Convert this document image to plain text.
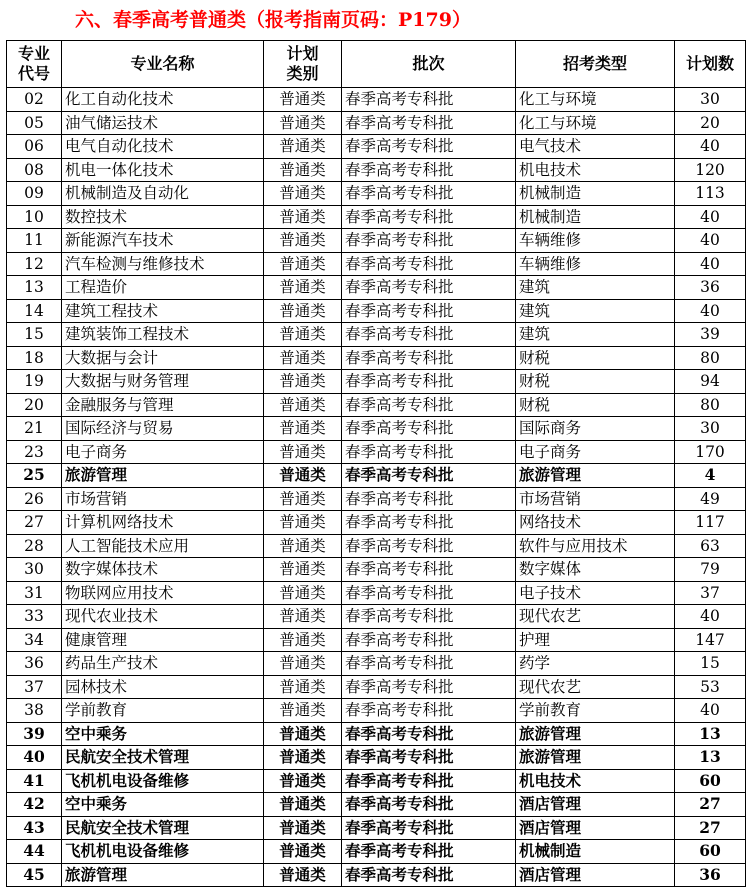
六、春季高考普通类（报考指南页码：P179）
专业代号	专业名称	计划类别	批次	招考类型	计划数
02	化工自动化技术	普通类	春季高考专科批	化工与环境	30
05	油气储运技术	普通类	春季高考专科批	化工与环境	20
06	电气自动化技术	普通类	春季高考专科批	电气技术	40
08	机电一体化技术	普通类	春季高考专科批	机电技术	120
09	机械制造及自动化	普通类	春季高考专科批	机械制造	113
10	数控技术	普通类	春季高考专科批	机械制造	40
11	新能源汽车技术	普通类	春季高考专科批	车辆维修	40
12	汽车检测与维修技术	普通类	春季高考专科批	车辆维修	40
13	工程造价	普通类	春季高考专科批	建筑	36
14	建筑工程技术	普通类	春季高考专科批	建筑	40
15	建筑装饰工程技术	普通类	春季高考专科批	建筑	39
18	大数据与会计	普通类	春季高考专科批	财税	80
19	大数据与财务管理	普通类	春季高考专科批	财税	94
20	金融服务与管理	普通类	春季高考专科批	财税	80
21	国际经济与贸易	普通类	春季高考专科批	国际商务	30
23	电子商务	普通类	春季高考专科批	电子商务	170
25	旅游管理	普通类	春季高考专科批	旅游管理	4
26	市场营销	普通类	春季高考专科批	市场营销	49
27	计算机网络技术	普通类	春季高考专科批	网络技术	117
28	人工智能技术应用	普通类	春季高考专科批	软件与应用技术	63
30	数字媒体技术	普通类	春季高考专科批	数字媒体	79
31	物联网应用技术	普通类	春季高考专科批	电子技术	37
33	现代农业技术	普通类	春季高考专科批	现代农艺	40
34	健康管理	普通类	春季高考专科批	护理	147
36	药品生产技术	普通类	春季高考专科批	药学	15
37	园林技术	普通类	春季高考专科批	现代农艺	53
38	学前教育	普通类	春季高考专科批	学前教育	40
39	空中乘务	普通类	春季高考专科批	旅游管理	13
40	民航安全技术管理	普通类	春季高考专科批	旅游管理	13
41	飞机机电设备维修	普通类	春季高考专科批	机电技术	60
42	空中乘务	普通类	春季高考专科批	酒店管理	27
43	民航安全技术管理	普通类	春季高考专科批	酒店管理	27
44	飞机机电设备维修	普通类	春季高考专科批	机械制造	60
45	旅游管理	普通类	春季高考专科批	酒店管理	36
